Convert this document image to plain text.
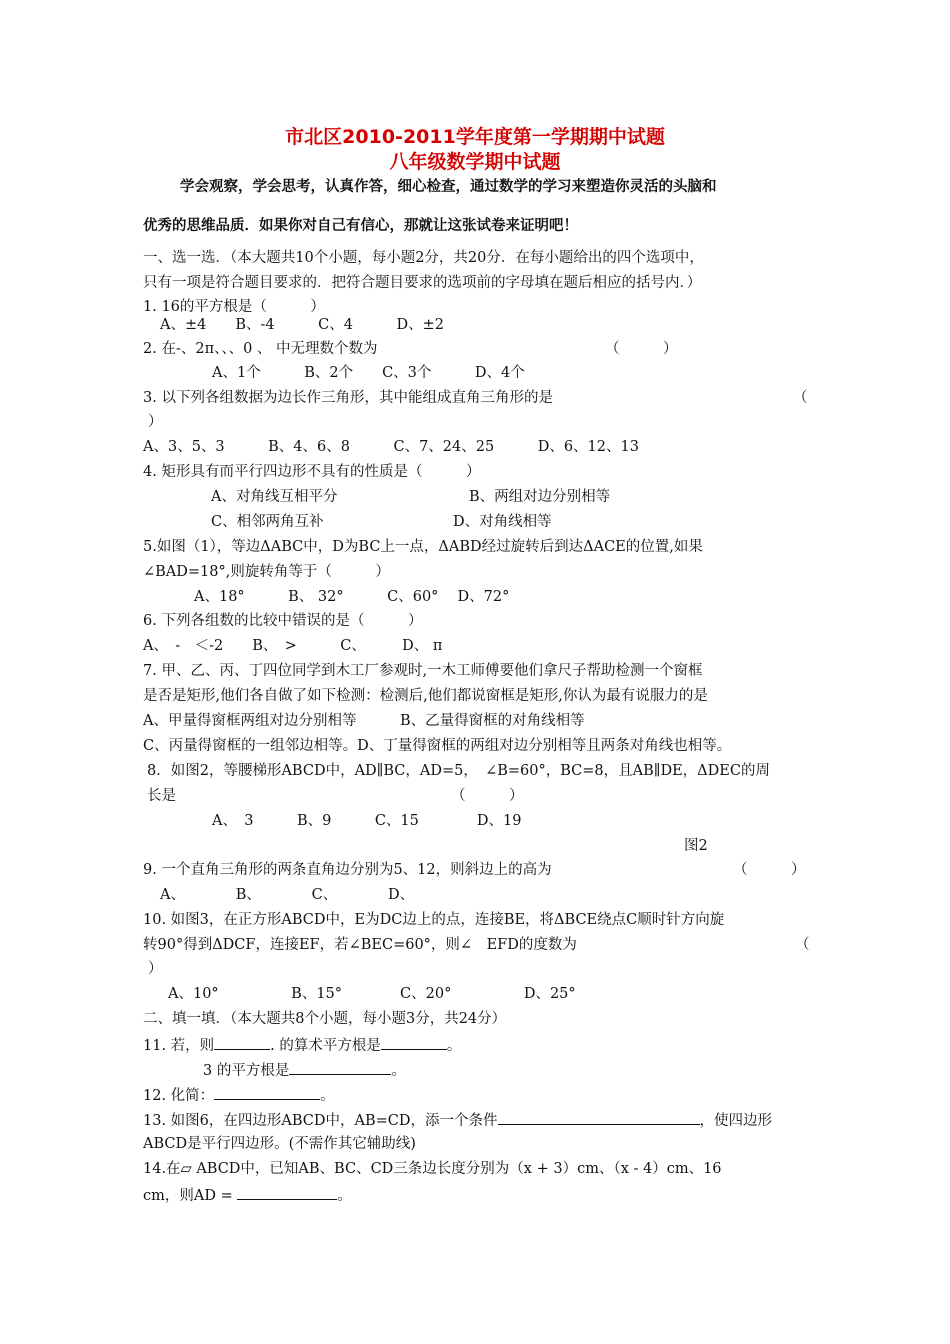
市北区2010-2011学年度第一学期期中试题
八年级数学期中试题
学会观察，学会思考，认真作答，细心检查，通过数学的学习来塑造你灵活的头脑和
优秀的思维品质．如果你对自己有信心，那就让这张试卷来证明吧！
一、选一选．（本大题共10个小题，每小题2分，共20分．在每小题给出的四个选项中，
只有一项是符合题目要求的．把符合题目要求的选项前的字母填在题后相应的括号内．）
1. 16的平方根是（　　　）
A、±4　　B、-4　　　C、4　　　D、±2
2. 在-、2π、、、0 、 中无理数个数为	（　　　）
A、1个　　　B、2个　　C、3个　　　D、4个
3. 以下列各组数据为边长作三角形，其中能组成直角三角形的是	（
）
A、3、5、3　　　B、4、6、8　　　C、7、24、25　　　D、6、12、13
4. 矩形具有而平行四边形不具有的性质是（　　　）
A、对角线互相平分	B、两组对边分别相等
C、相邻两角互补	D、对角线相等
5.如图（1），等边ΔABC中，D为BC上一点，ΔABD经过旋转后到达ΔACE的位置,如果
∠BAD=18°,则旋转角等于（　　　）
A、18°　　　B、 32°　　　C、60°　 D、72°
6. 下列各组数的比较中错误的是（　　　）
A、　-　＜-2　　B、　>　　　C、　　　D、 π
7. 甲、乙、丙、丁四位同学到木工厂参观时,一木工师傅要他们拿尺子帮助检测一个窗框
是否是矩形,他们各自做了如下检测：检测后,他们都说窗框是矩形,你认为最有说服力的是
A、甲量得窗框两组对边分别相等　　　B、乙量得窗框的对角线相等
C、丙量得窗框的一组邻边相等。D、丁量得窗框的两组对边分别相等且两条对角线也相等。
8．如图2，等腰梯形ABCD中，AD∥BC，AD=5，　∠B=60°，BC=8，且AB∥DE，ΔDEC的周
长是	（　　　）
A、　3　　　B、9　　　C、15　　　　D、19
图2
9. 一个直角三角形的两条直角边分别为5、12，则斜边上的高为	（　　　）
A、　　　　B、　　　　C、　　　　D、
10. 如图3，在正方形ABCD中，E为DC边上的点，连接BE，将ΔBCE绕点C顺时针方向旋
转90°得到ΔDCF，连接EF，若∠BEC=60°，则∠　EFD的度数为	（
）
A、10°　　　　　B、15°　　　　C、20°　　　　　D、25°
二、填一填．（本大题共8个小题，每小题3分，共24分）
11. 若，则	. 的算术平方根是	。
3 的平方根是	。
12. 化简：	。
13. 如图6，在四边形ABCD中，AB=CD，添一个条件	，使四边形
ABCD是平行四边形。(不需作其它辅助线)
14.在▱ ABCD中，已知AB、BC、CD三条边长度分别为（x + 3）cm、（x - 4）cm、16
cm，则AD =	。
